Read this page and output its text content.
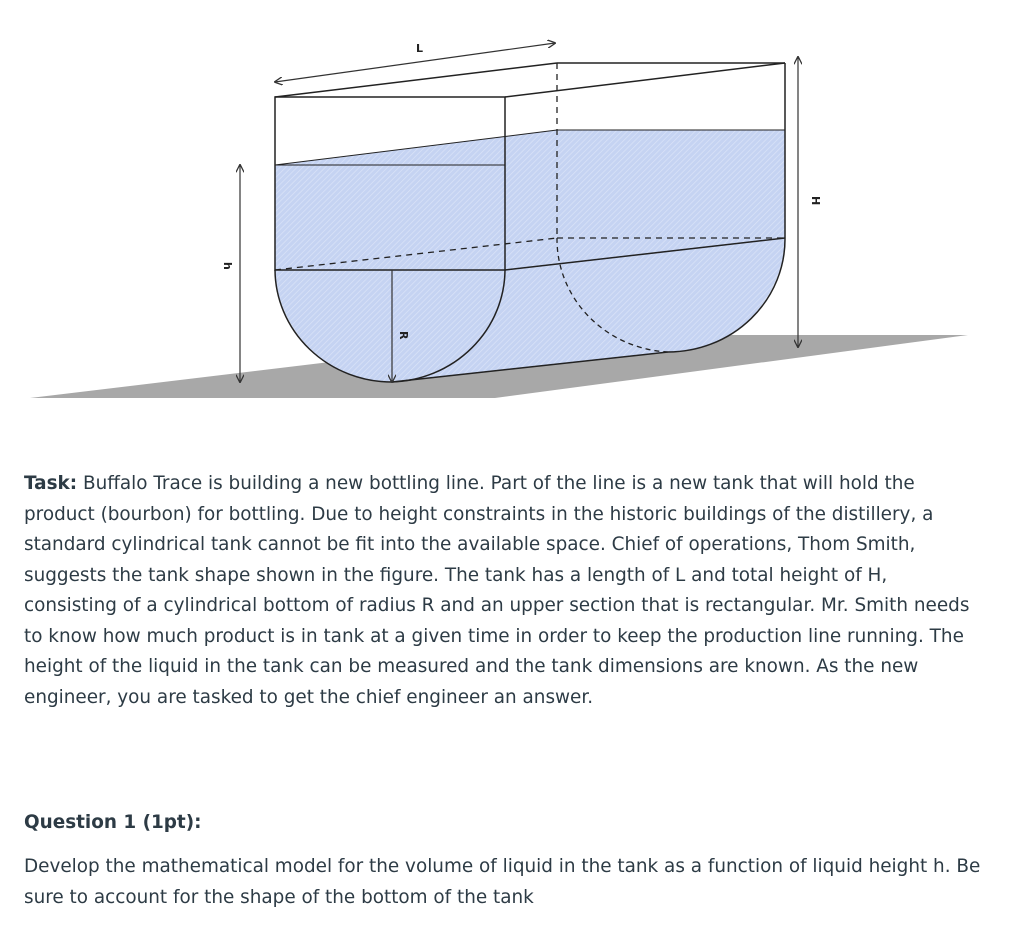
L
H
h
R

Task: Buffalo Trace is building a new bottling line. Part of the line is a new tank that will hold the product (bourbon) for bottling. Due to height constraints in the historic buildings of the distillery, a standard cylindrical tank cannot be fit into the available space. Chief of operations, Thom Smith, suggests the tank shape shown in the figure. The tank has a length of L and total height of H, consisting of a cylindrical bottom of radius R and an upper section that is rectangular. Mr. Smith needs to know how much product is in tank at a given time in order to keep the production line running. The height of the liquid in the tank can be measured and the tank dimensions are known. As the new engineer, you are tasked to get the chief engineer an answer.

Question 1 (1pt):

Develop the mathematical model for the volume of liquid in the tank as a function of liquid height h. Be sure to account for the shape of the bottom of the tank
